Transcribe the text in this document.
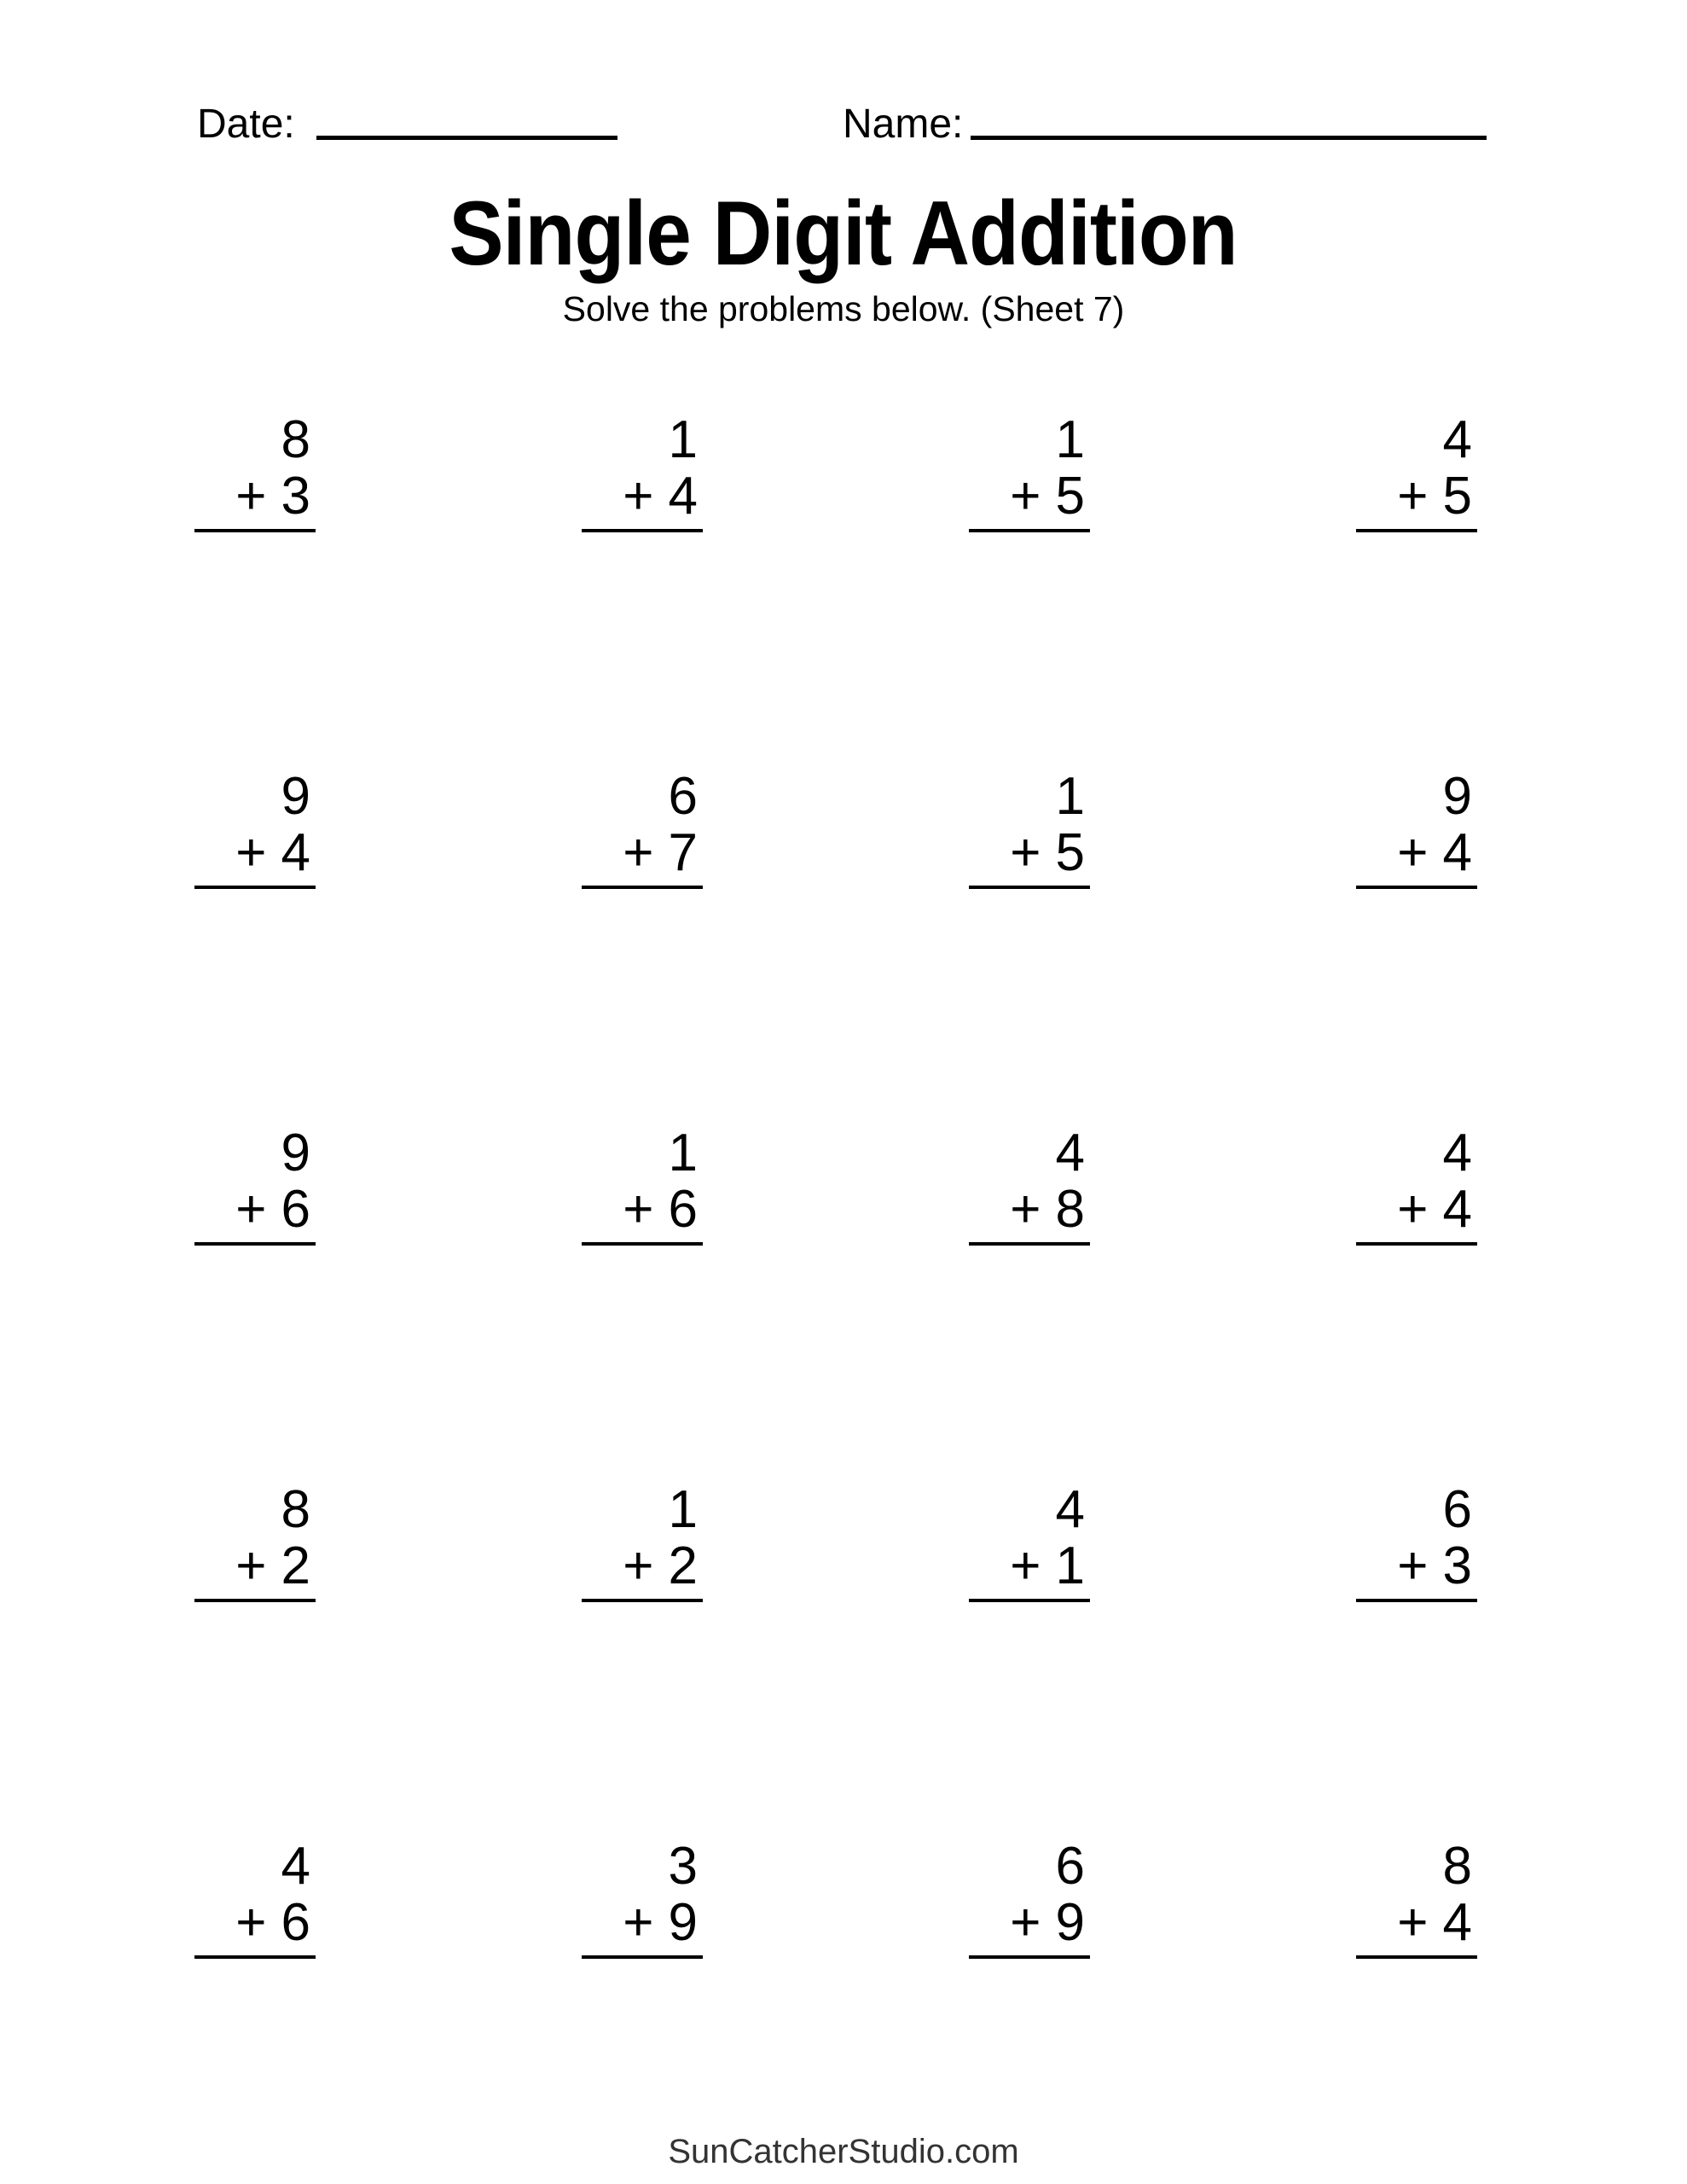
Date:	Name:
Single Digit Addition
Solve the problems below. (Sheet 7)
8
+ 3
1
+ 4
1
+ 5
4
+ 5
9
+ 4
6
+ 7
1
+ 5
9
+ 4
9
+ 6
1
+ 6
4
+ 8
4
+ 4
8
+ 2
1
+ 2
4
+ 1
6
+ 3
4
+ 6
3
+ 9
6
+ 9
8
+ 4
SunCatcherStudio.com
